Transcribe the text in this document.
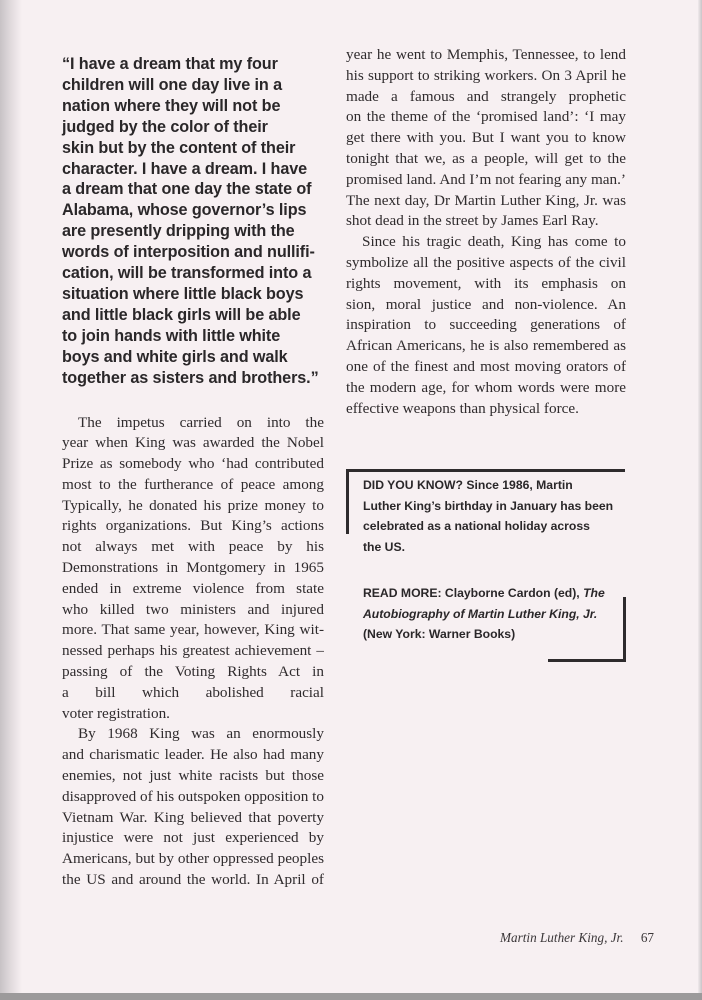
“I have a dream that my four
children will one day live in a
nation where they will not be
judged by the color of their
skin but by the content of their
character. I have a dream. I have
a dream that one day the state of
Alabama, whose governor’s lips
are presently dripping with the
words of interposition and nullifi-
cation, will be transformed into a
situation where little black boys
and little black girls will be able
to join hands with little white
boys and white girls and walk
together as sisters and brothers.”
The impetus carried on into the
year when King was awarded the Nobel
Prize as somebody who ‘had contributed
most to the furtherance of peace among
Typically, he donated his prize money to
rights organizations. But King’s actions
not always met with peace by his
Demonstrations in Montgomery in 1965
ended in extreme violence from state
who killed two ministers and injured
more. That same year, however, King wit-
nessed perhaps his greatest achievement –
passing of the Voting Rights Act in
a bill which abolished racial
voter registration.
By 1968 King was an enormously
and charismatic leader. He also had many
enemies, not just white racists but those
disapproved of his outspoken opposition to
Vietnam War. King believed that poverty
injustice were not just experienced by
Americans, but by other oppressed peoples
the US and around the world. In April of
year he went to Memphis, Tennessee, to lend
his support to striking workers. On 3 April he
made a famous and strangely prophetic
on the theme of the ‘promised land’: ‘I may
get there with you. But I want you to know
tonight that we, as a people, will get to the
promised land. And I’m not fearing any man.’
The next day, Dr Martin Luther King, Jr. was
shot dead in the street by James Earl Ray.
Since his tragic death, King has come to
symbolize all the positive aspects of the civil
rights movement, with its emphasis on
sion, moral justice and non-violence. An
inspiration to succeeding generations of
African Americans, he is also remembered as
one of the finest and most moving orators of
the modern age, for whom words were more
effective weapons than physical force.
DID YOU KNOW? Since 1986, Martin
Luther King’s birthday in January has been
celebrated as a national holiday across
the US.
READ MORE: Clayborne Cardon (ed), The
Autobiography of Martin Luther King, Jr.
(New York: Warner Books)
Martin Luther King, Jr. 67
